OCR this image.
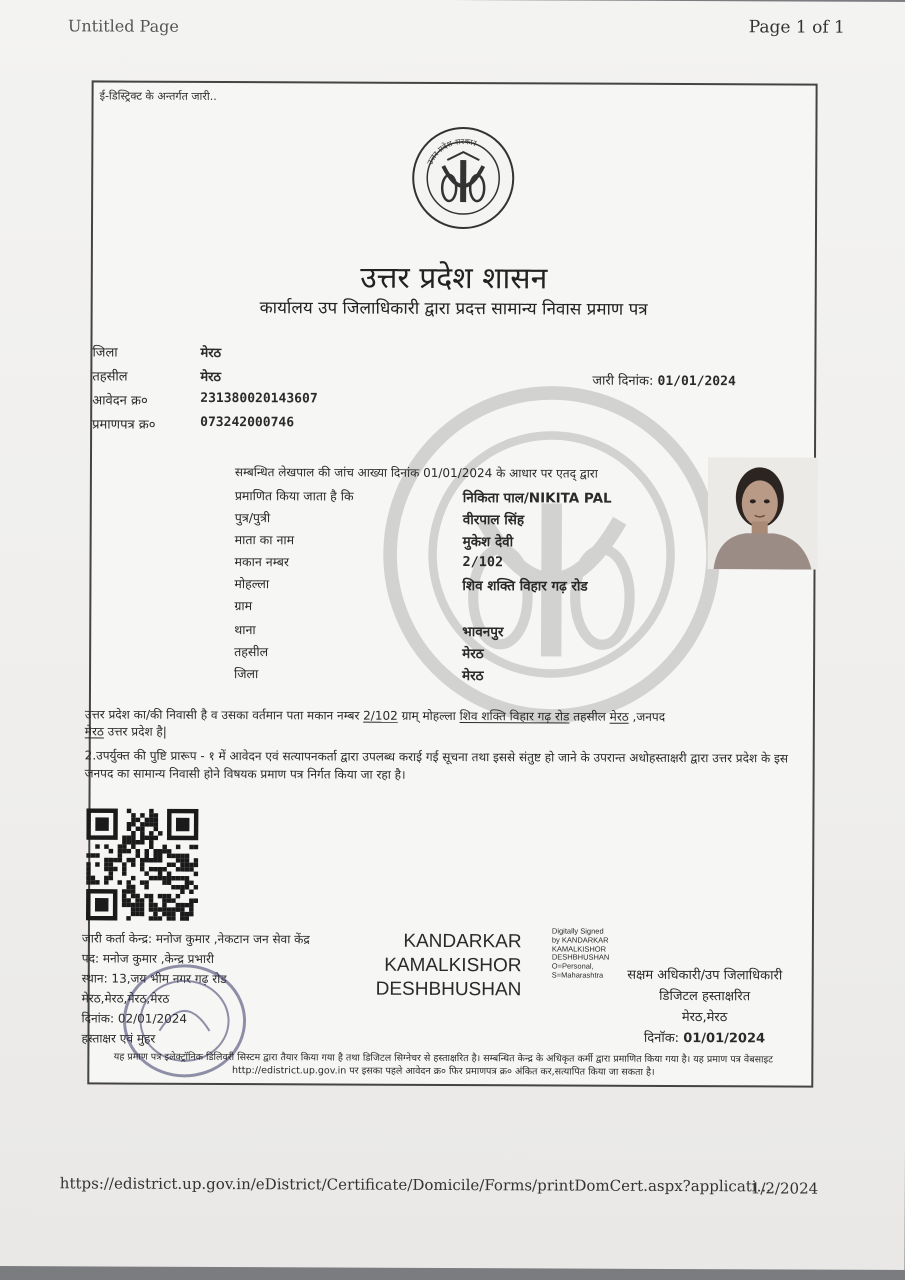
Untitled Page	Page 1 of 1
ई-डिस्ट्रिक्ट के अन्तर्गत जारी..
उत्तर प्रदेश सरकार
उत्तर प्रदेश शासन
कार्यालय उप जिलाधिकारी द्वारा प्रदत्त सामान्य निवास प्रमाण पत्र
जिला	मेरठ
तहसील	मेरठ
आवेदन क्र०	231380020143607
प्रमाणपत्र क्र०	073242000746
जारी दिनांक: 01/01/2024
सम्बन्धित लेखपाल की जांच आख्या दिनांक 01/01/2024 के आधार पर एतद् द्वारा
प्रमाणित किया जाता है कि	निकिता पाल/NIKITA PAL
पुत्र/पुत्री	वीरपाल सिंह
माता का नाम	मुकेश देवी
मकान नम्बर	2/102
मोहल्ला	शिव शक्ति विहार गढ़ रोड
ग्राम
थाना	भावनपुर
तहसील	मेरठ
जिला	मेरठ
उत्तर प्रदेश का/की निवासी है व उसका वर्तमान पता मकान नम्बर 2/102 ग्राम् मोहल्ला शिव शक्ति विहार गढ़ रोड तहसील मेरठ ,जनपद
मेरठ उत्तर प्रदेश है|
2.उपर्युक्त की पुष्टि प्रारूप - १ में आवेदन एवं सत्यापनकर्ता द्वारा उपलब्ध कराई गई सूचना तथा इससे संतुष्ट हो जाने के उपरान्त अधोहस्ताक्षरी द्वारा उत्तर प्रदेश के इस जनपद का सामान्य निवासी होने विषयक प्रमाण पत्र निर्गत किया जा रहा है।
जारी कर्ता केन्द्र: मनोज कुमार ,नेकटान जन सेवा केंद्र
पद: मनोज कुमार ,केन्द्र प्रभारी
स्थान: 13,जय भीम नगर गढ़ रोड
मेरठ,मेरठ,मेरठ,मेरठ
दिनांक: 02/01/2024
हस्ताक्षर एवं मुहर
KANDARKAR
KAMALKISHOR
DESHBHUSHAN
Digitally Signed
by KANDARKAR
KAMALKISHOR
DESHBHUSHAN
O=Personal,
S=Maharashtra	सक्षम अधिकारी/उप जिलाधिकारी
डिजिटल हस्ताक्षरित
मेरठ,मेरठ
दिनॉक: 01/01/2024
यह प्रमाण पत्र इलेक्ट्रॉनिक डिलिवरी सिस्टम द्वारा तैयार किया गया है तथा डिजिटल सिग्नेचर से हस्ताक्षरित है। सम्बन्धित केन्द्र के अधिकृत कर्मी द्वारा प्रमाणित किया गया है। यह प्रमाण पत्र वेबसाइट http://edistrict.up.gov.in पर इसका पहले आवेदन क्र० फिर प्रमाणपत्र क्र० अंकित कर,सत्यापित किया जा सकता है।
https://edistrict.up.gov.in/eDistrict/Certificate/Domicile/Forms/printDomCert.aspx?applicati...
1/2/2024
